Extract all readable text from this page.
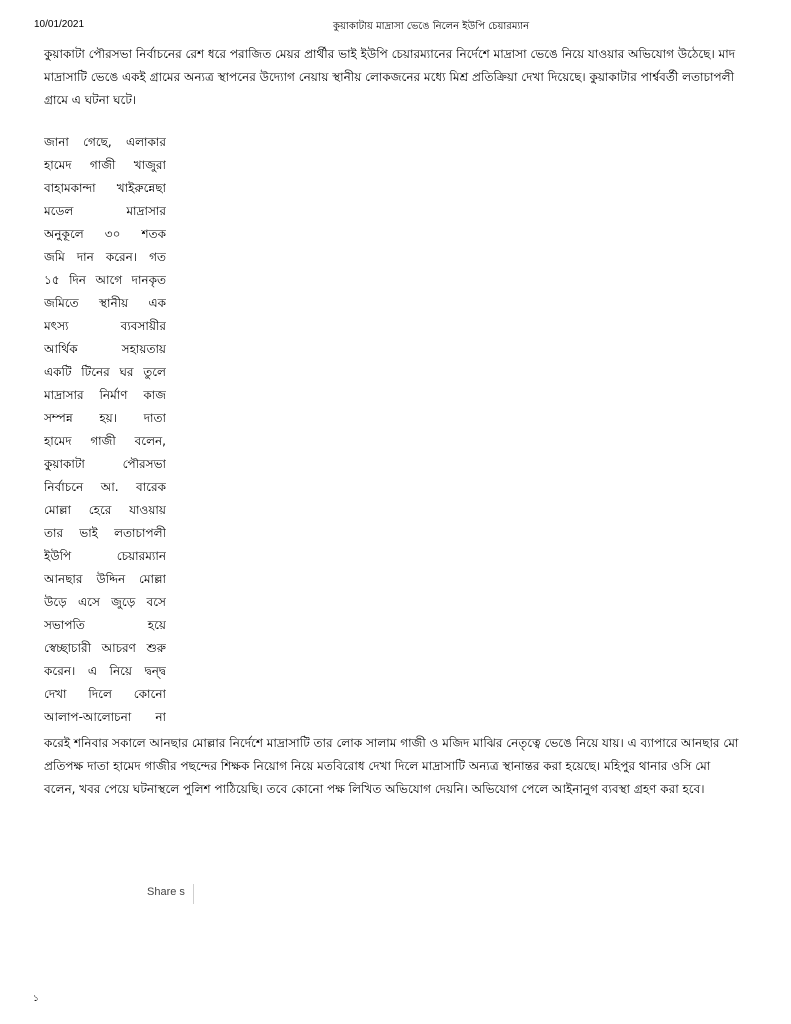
10/01/2021	কুয়াকাটায় মাদ্রাসা ভেঙে নিলেন ইউপি চেয়ারম্যান
কুয়াকাটা পৌরসভা নির্বাচনের রেশ ধরে পরাজিত মেয়র প্রার্থীর ভাই ইউপি চেয়ারম্যানের নির্দেশে মাদ্রাসা ভেঙে নিয়ে যাওয়ার অভিযোগ উঠেছে। মাদ
মাদ্রাসাটি ভেঙে একই গ্রামের অন্যত্র স্থাপনের উদ্যোগ নেয়ায় স্থানীয় লোকজনের মধ্যে মিশ্র প্রতিক্রিয়া দেখা দিয়েছে। কুয়াকাটার পার্শ্ববর্তী লতাচাপলী
গ্রামে এ ঘটনা ঘটে।
জানা গেছে, এলাকার
হামেদ গাজী খাজুরা
বাহামকান্দা খাইরুন্নেছা
মডেল মাদ্রাসার
অনুকূলে ৩০ শতক
জমি দান করেন। গত
১৫ দিন আগে দানকৃত
জমিতে স্থানীয় এক
মৎস্য ব্যবসায়ীর
আর্থিক সহায়তায়
একটি টিনের ঘর তুলে
মাদ্রাসার নির্মাণ কাজ
সম্পন্ন হয়। দাতা
হামেদ গাজী বলেন,
কুয়াকাটা পৌরসভা
নির্বাচনে আ. বারেক
মোল্লা হেরে যাওয়ায়
তার ভাই লতাচাপলী
ইউপি চেয়ারম্যান
আনছার উদ্দিন মোল্লা
উড়ে এসে জুড়ে বসে
সভাপতি হয়ে
স্বেচ্ছাচারী আচরণ শুরু
করেন। এ নিয়ে দ্বন্দ্ব
দেখা দিলে কোনো
আলাপ-আলোচনা না
করেই শনিবার সকালে আনছার মোল্লার নির্দেশে মাদ্রাসাটি তার লোক সালাম গাজী ও মজিদ মাঝির নেতৃত্বে ভেঙে নিয়ে যায়। এ ব্যাপারে আনছার মো
প্রতিপক্ষ দাতা হামেদ গাজীর পছন্দের শিক্ষক নিয়োগ নিয়ে মতবিরোধ দেখা দিলে মাদ্রাসাটি অন্যত্র স্থানান্তর করা হয়েছে। মহিপুর থানার ওসি মো
বলেন, খবর পেয়ে ঘটনাস্থলে পুলিশ পাঠিয়েছি। তবে কোনো পক্ষ লিখিত অভিযোগ দেয়নি। অভিযোগ পেলে আইনানুগ ব্যবস্থা গ্রহণ করা হবে।
Share s
১
